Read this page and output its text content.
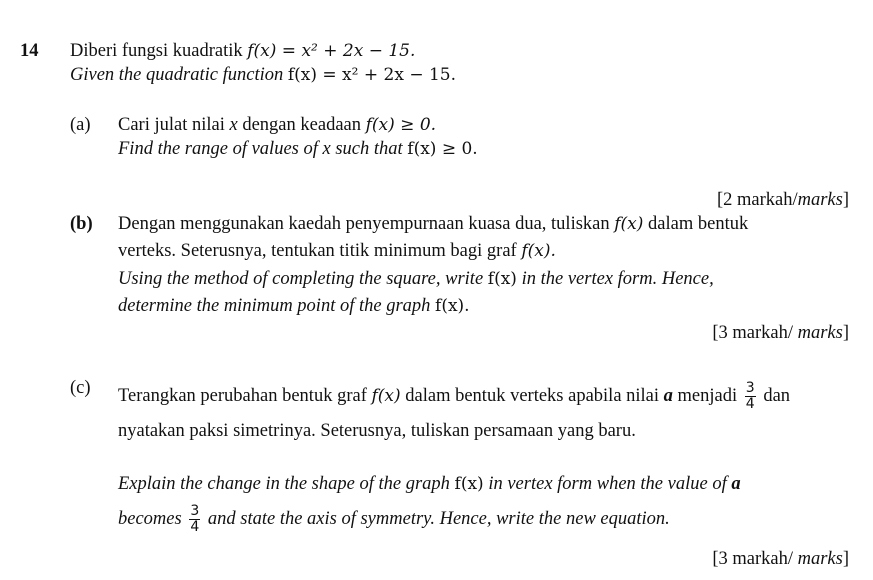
14 Diberi fungsi kuadratik f(x) = x² + 2x − 15.
Given the quadratic function f(x) = x² + 2x − 15.
(a) Cari julat nilai x dengan keadaan f(x) ≥ 0.
Find the range of values of x such that f(x) ≥ 0.
[2 markah/marks]
(b) Dengan menggunakan kaedah penyempurnaan kuasa dua, tuliskan f(x) dalam bentuk
verteks. Seterusnya, tentukan titik minimum bagi graf f(x).
Using the method of completing the square, write f(x) in the vertex form. Hence,
determine the minimum point of the graph f(x).
[3 markah/ marks]
(c) Terangkan perubahan bentuk graf f(x) dalam bentuk verteks apabila nilai a menjadi $\frac{3}{4}$ dan
nyatakan paksi simetrinya. Seterusnya, tuliskan persamaan yang baru.
Explain the change in the shape of the graph f(x) in vertex form when the value of a
becomes $\frac{3}{4}$ and state the axis of symmetry. Hence, write the new equation.
[3 markah/ marks]
